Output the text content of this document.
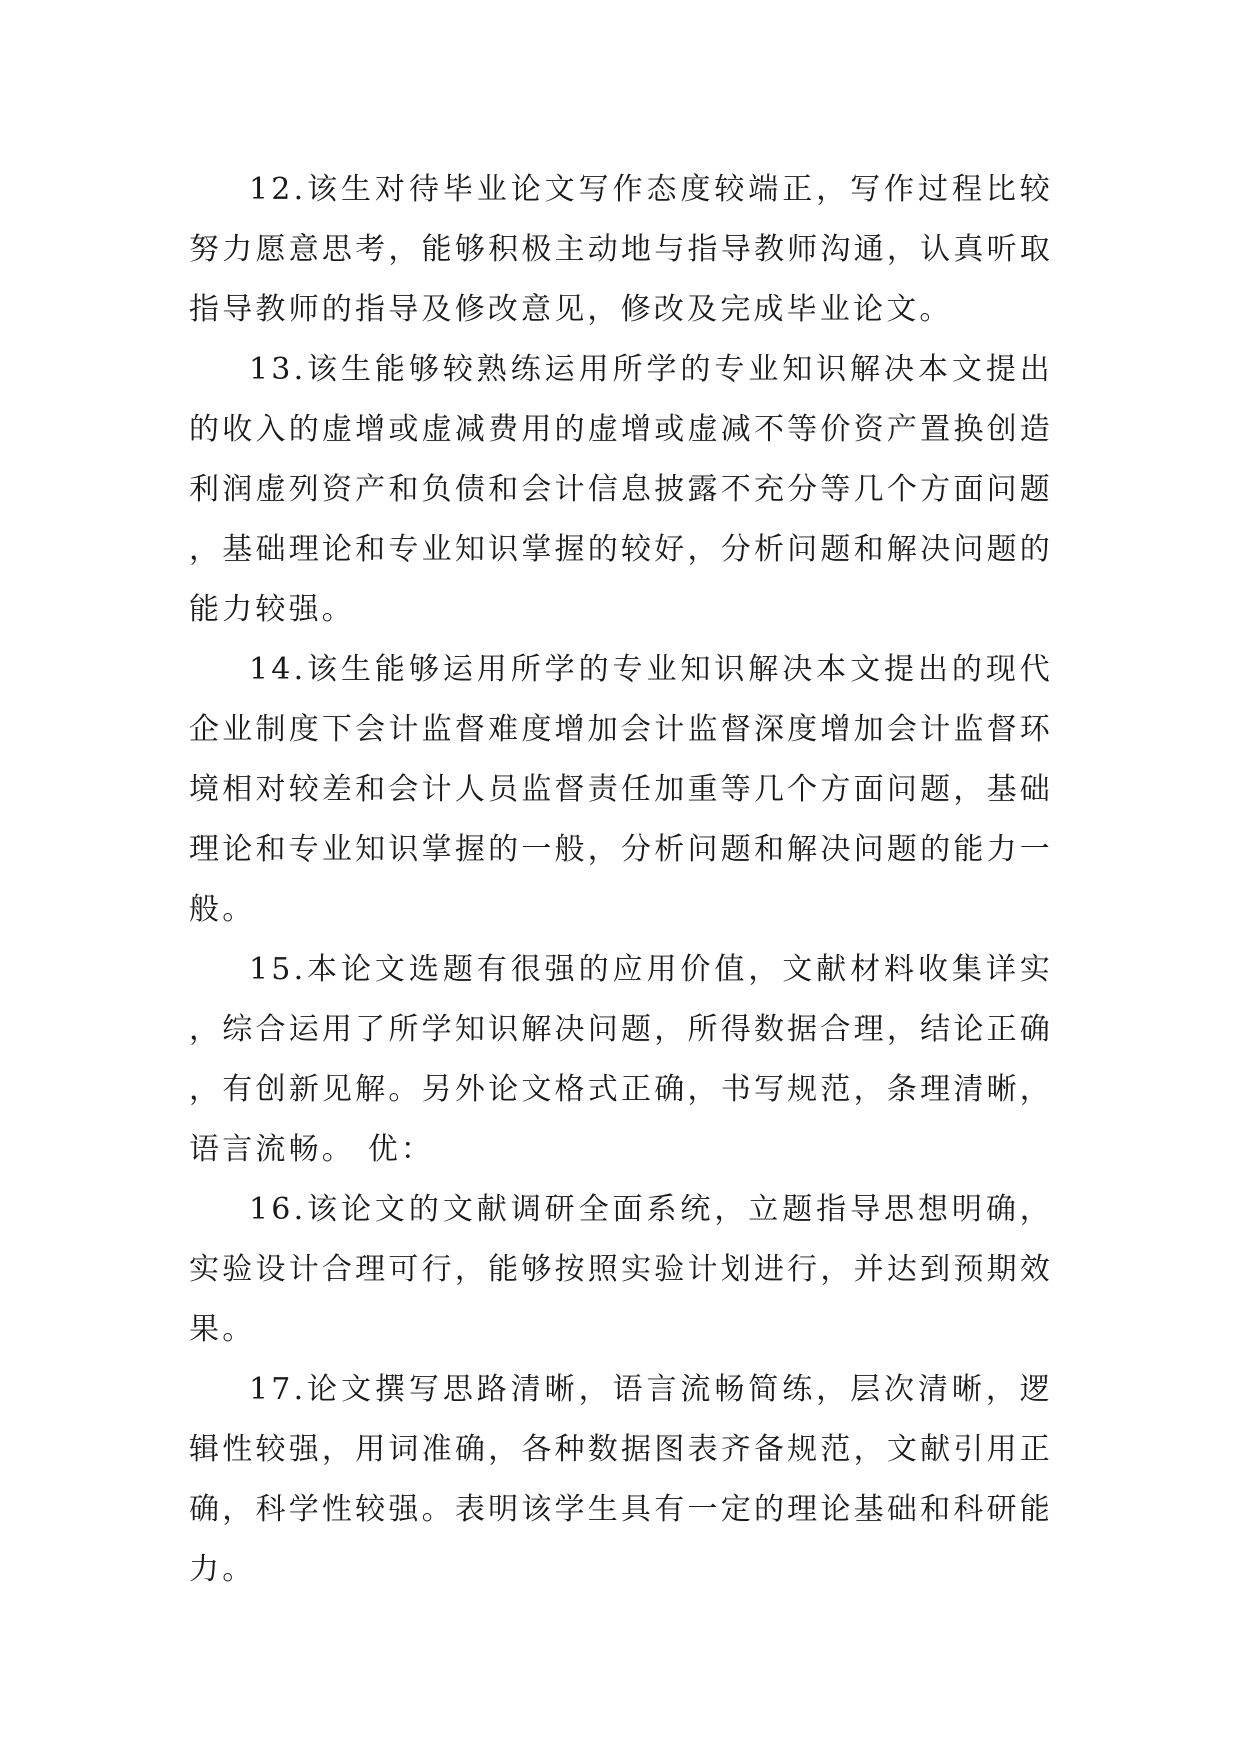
12.该生对待毕业论文写作态度较端正，写作过程比较努力愿意思考，能够积极主动地与指导教师沟通，认真听取指导教师的指导及修改意见，修改及完成毕业论文。

13.该生能够较熟练运用所学的专业知识解决本文提出的收入的虚增或虚减费用的虚增或虚减不等价资产置换创造利润虚列资产和负债和会计信息披露不充分等几个方面问题，基础理论和专业知识掌握的较好，分析问题和解决问题的能力较强。

14.该生能够运用所学的专业知识解决本文提出的现代企业制度下会计监督难度增加会计监督深度增加会计监督环境相对较差和会计人员监督责任加重等几个方面问题，基础理论和专业知识掌握的一般，分析问题和解决问题的能力一般。

15.本论文选题有很强的应用价值，文献材料收集详实，综合运用了所学知识解决问题，所得数据合理，结论正确，有创新见解。另外论文格式正确，书写规范，条理清晰，语言流畅。 优：

16.该论文的文献调研全面系统，立题指导思想明确，实验设计合理可行，能够按照实验计划进行，并达到预期效果。

17.论文撰写思路清晰，语言流畅简练，层次清晰，逻辑性较强，用词准确，各种数据图表齐备规范，文献引用正确，科学性较强。表明该学生具有一定的理论基础和科研能力。
